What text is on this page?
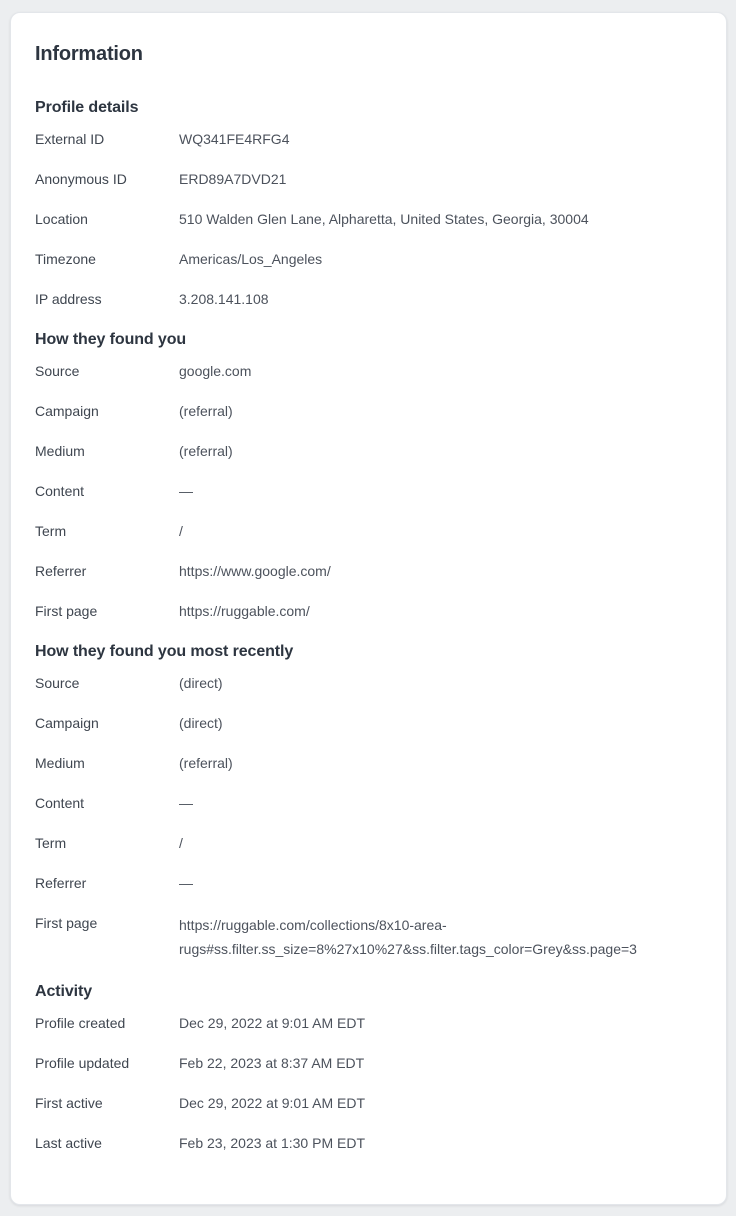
Information
Profile details
External ID	WQ341FE4RFG4
Anonymous ID	ERD89A7DVD21
Location	510 Walden Glen Lane, Alpharetta, United States, Georgia, 30004
Timezone	Americas/Los_Angeles
IP address	3.208.141.108
How they found you
Source	google.com
Campaign	(referral)
Medium	(referral)
Content	—
Term	/
Referrer	https://www.google.com/
First page	https://ruggable.com/
How they found you most recently
Source	(direct)
Campaign	(direct)
Medium	(referral)
Content	—
Term	/
Referrer	—
First page	https://ruggable.com/collections/8x10-area-rugs#ss.filter.ss_size=8%27x10%27&ss.filter.tags_color=Grey&ss.page=3
Activity
Profile created	Dec 29, 2022 at 9:01 AM EDT
Profile updated	Feb 22, 2023 at 8:37 AM EDT
First active	Dec 29, 2022 at 9:01 AM EDT
Last active	Feb 23, 2023 at 1:30 PM EDT
